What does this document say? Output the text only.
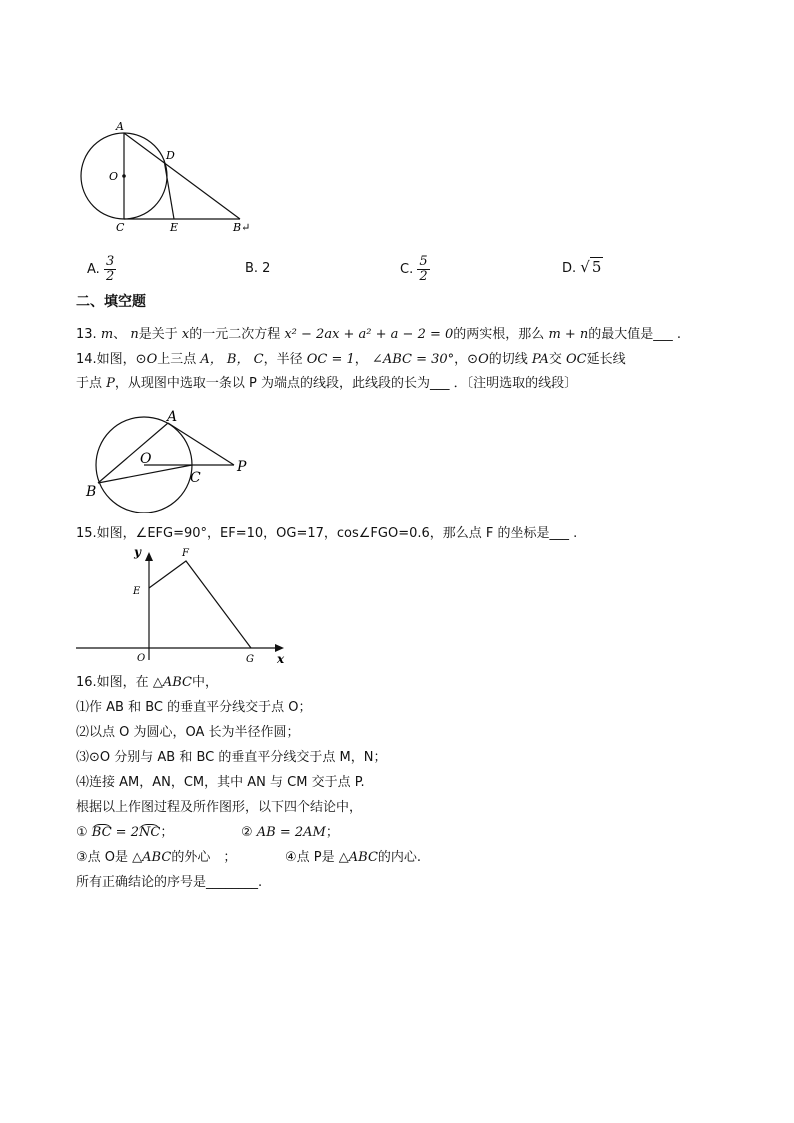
A
D
O
C	E	B↵
A. $\frac{3}{2}$	B. 2	C. $\frac{5}{2}$	D. √ 5
二、填空题
13. m、 n是关于 x的一元二次方程 x² − 2ax + a² + a − 2 = 0的两实根，那么 m + n的最大值是___ .
14.如图，⊙O上三点 A， B， C，半径 OC = 1， ∠ABC = 30°，⊙O的切线 PA交 OC延长线
于点 P，从现图中选取一条以 P 为端点的线段，此线段的长为___ ．〔注明选取的线段〕
A
O
C
P
B
15.如图，∠EFG=90°，EF=10，OG=17，cos∠FGO=0.6，那么点 F 的坐标是___ .
y	F
E
O	G x
16.如图，在 △ABC中，
⑴作 AB 和 BC 的垂直平分线交于点 O；
⑵以点 O 为圆心，OA 长为半径作圆；
⑶⊙O 分别与 AB 和 BC 的垂直平分线交于点 M，N；
⑷连接 AM，AN，CM，其中 AN 与 CM 交于点 P.
根据以上作图过程及所作图形，以下四个结论中，
① BC = 2NC；	② AB = 2AM；
③点 O是 △ABC的外心　；	④点 P是 △ABC的内心.
所有正确结论的序号是________.
